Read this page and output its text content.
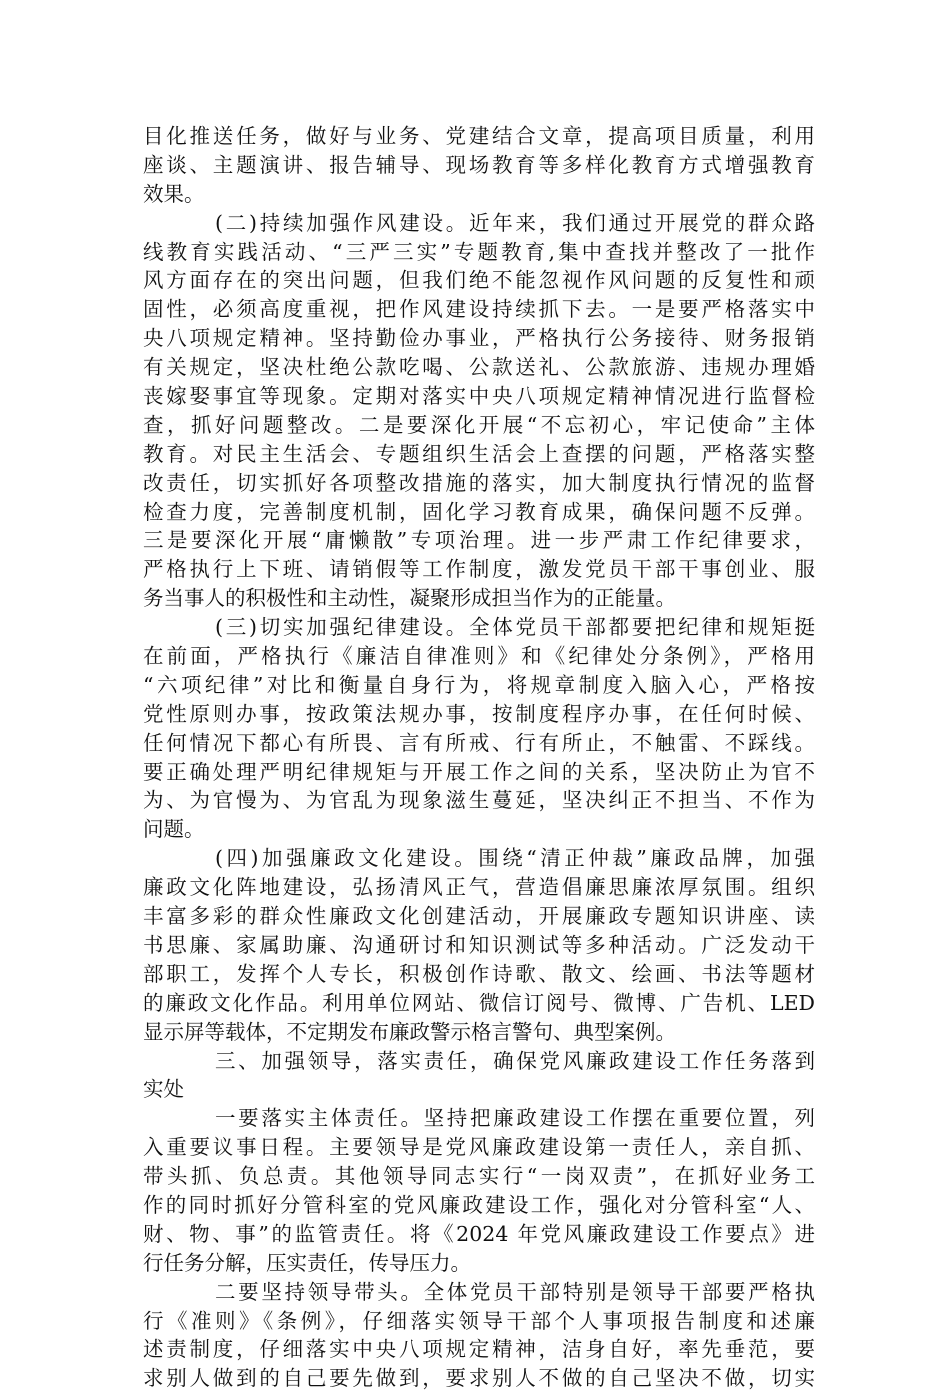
目化推送任务，做好与业务、党建结合文章，提高项目质量，利用
座谈、主题演讲、报告辅导、现场教育等多样化教育方式增强教育
效果。
(二)持续加强作风建设。近年来，我们通过开展党的群众路
线教育实践活动、“三严三实”专题教育,集中查找并整改了一批作
风方面存在的突出问题，但我们绝不能忽视作风问题的反复性和顽
固性，必须高度重视，把作风建设持续抓下去。一是要严格落实中
央八项规定精神。坚持勤俭办事业，严格执行公务接待、财务报销
有关规定，坚决杜绝公款吃喝、公款送礼、公款旅游、违规办理婚
丧嫁娶事宜等现象。定期对落实中央八项规定精神情况进行监督检
查，抓好问题整改。二是要深化开展“不忘初心，牢记使命”主体
教育。对民主生活会、专题组织生活会上查摆的问题，严格落实整
改责任，切实抓好各项整改措施的落实，加大制度执行情况的监督
检查力度，完善制度机制，固化学习教育成果，确保问题不反弹。
三是要深化开展“庸懒散”专项治理。进一步严肃工作纪律要求，
严格执行上下班、请销假等工作制度，激发党员干部干事创业、服
务当事人的积极性和主动性，凝聚形成担当作为的正能量。
(三)切实加强纪律建设。全体党员干部都要把纪律和规矩挺
在前面，严格执行《廉洁自律准则》和《纪律处分条例》，严格用
“六项纪律”对比和衡量自身行为，将规章制度入脑入心，严格按
党性原则办事，按政策法规办事，按制度程序办事，在任何时候、
任何情况下都心有所畏、言有所戒、行有所止，不触雷、不踩线。
要正确处理严明纪律规矩与开展工作之间的关系，坚决防止为官不
为、为官慢为、为官乱为现象滋生蔓延，坚决纠正不担当、不作为
问题。
(四)加强廉政文化建设。围绕“清正仲裁”廉政品牌，加强
廉政文化阵地建设，弘扬清风正气，营造倡廉思廉浓厚氛围。组织
丰富多彩的群众性廉政文化创建活动，开展廉政专题知识讲座、读
书思廉、家属助廉、沟通研讨和知识测试等多种活动。广泛发动干
部职工，发挥个人专长，积极创作诗歌、散文、绘画、书法等题材
的廉政文化作品。利用单位网站、微信订阅号、微博、广告机、LED
显示屏等载体，不定期发布廉政警示格言警句、典型案例。
三、加强领导，落实责任，确保党风廉政建设工作任务落到
实处
一要落实主体责任。坚持把廉政建设工作摆在重要位置，列
入重要议事日程。主要领导是党风廉政建设第一责任人，亲自抓、
带头抓、负总责。其他领导同志实行“一岗双责”，在抓好业务工
作的同时抓好分管科室的党风廉政建设工作，强化对分管科室“人、
财、物、事”的监管责任。将《2024 年党风廉政建设工作要点》进
行任务分解，压实责任，传导压力。
二要坚持领导带头。全体党员干部特别是领导干部要严格执
行《准则》《条例》，仔细落实领导干部个人事项报告制度和述廉
述责制度，仔细落实中央八项规定精神，洁身自好，率先垂范，要
求别人做到的自己要先做到，要求别人不做的自己坚决不做，切实
